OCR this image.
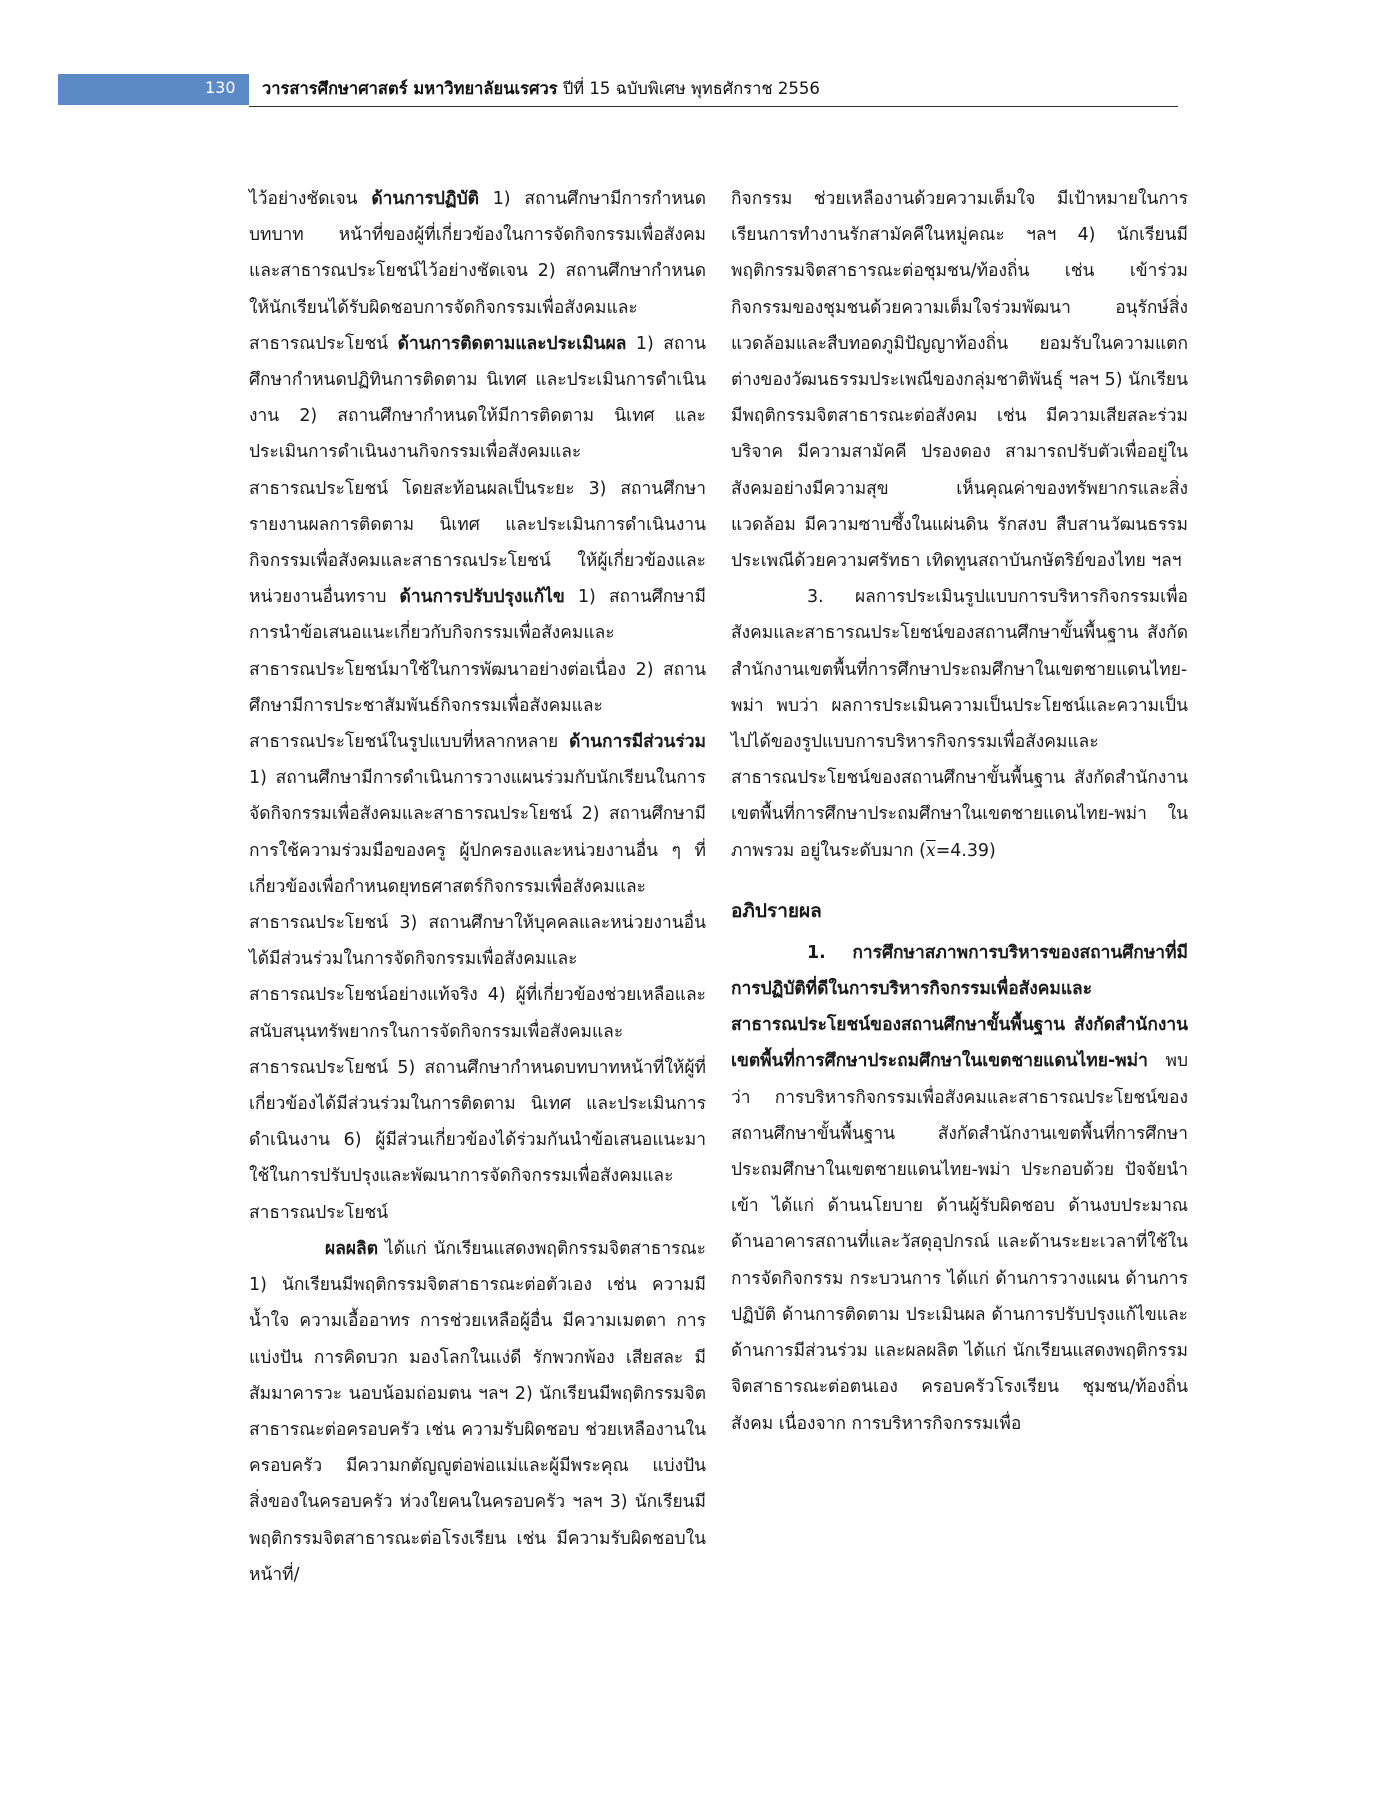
130 วารสารศึกษาศาสตร์ มหาวิทยาลัยนเรศวร ปีที่ 15 ฉบับพิเศษ พุทธศักราช 2556

ไว้อย่างชัดเจน ด้านการปฏิบัติ 1) สถานศึกษามีการกำหนดบทบาท หน้าที่ของผู้ที่เกี่ยวข้องในการจัดกิจกรรมเพื่อสังคมและสาธารณประโยชน์ไว้อย่างชัดเจน 2) สถานศึกษากำหนดให้นักเรียนได้รับผิดชอบการจัดกิจกรรมเพื่อสังคมและสาธารณประโยชน์ ด้านการติดตามและประเมินผล 1) สถานศึกษากำหนดปฏิทินการติดตาม นิเทศ และประเมินการดำเนินงาน 2) สถานศึกษากำหนดให้มีการติดตาม นิเทศ และประเมินการดำเนินงานกิจกรรมเพื่อสังคมและสาธารณประโยชน์ โดยสะท้อนผลเป็นระยะ 3) สถานศึกษารายงานผลการติดตาม นิเทศ และประเมินการดำเนินงานกิจกรรมเพื่อสังคมและสาธารณประโยชน์ ให้ผู้เกี่ยวข้องและหน่วยงานอื่นทราบ ด้านการปรับปรุงแก้ไข 1) สถานศึกษามีการนำข้อเสนอแนะเกี่ยวกับกิจกรรมเพื่อสังคมและสาธารณประโยชน์มาใช้ในการพัฒนาอย่างต่อเนื่อง 2) สถานศึกษามีการประชาสัมพันธ์กิจกรรมเพื่อสังคมและสาธารณประโยชน์ในรูปแบบที่หลากหลาย ด้านการมีส่วนร่วม 1) สถานศึกษามีการดำเนินการวางแผนร่วมกับนักเรียนในการจัดกิจกรรมเพื่อสังคมและสาธารณประโยชน์ 2) สถานศึกษามีการใช้ความร่วมมือของครู ผู้ปกครองและหน่วยงานอื่น ๆ ที่เกี่ยวข้องเพื่อกำหนดยุทธศาสตร์กิจกรรมเพื่อสังคมและสาธารณประโยชน์ 3) สถานศึกษาให้บุคคลและหน่วยงานอื่น ได้มีส่วนร่วมในการจัดกิจกรรมเพื่อสังคมและสาธารณประโยชน์อย่างแท้จริง 4) ผู้ที่เกี่ยวข้องช่วยเหลือและสนับสนุนทรัพยากรในการจัดกิจกรรมเพื่อสังคมและสาธารณประโยชน์ 5) สถานศึกษากำหนดบทบาทหน้าที่ให้ผู้ที่เกี่ยวข้องได้มีส่วนร่วมในการติดตาม นิเทศ และประเมินการดำเนินงาน 6) ผู้มีส่วนเกี่ยวข้องได้ร่วมกันนำข้อเสนอแนะมาใช้ในการปรับปรุงและพัฒนาการจัดกิจกรรมเพื่อสังคมและสาธารณประโยชน์

ผลผลิต ได้แก่ นักเรียนแสดงพฤติกรรมจิตสาธารณะ 1) นักเรียนมีพฤติกรรมจิตสาธารณะต่อตัวเอง เช่น ความมีน้ำใจ ความเอื้ออาทร การช่วยเหลือผู้อื่น มีความเมตตา การแบ่งปัน การคิดบวก มองโลกในแง่ดี รักพวกพ้อง เสียสละ มีสัมมาคารวะ นอบน้อมถ่อมตน ฯลฯ 2) นักเรียนมีพฤติกรรมจิตสาธารณะต่อครอบครัว เช่น ความรับผิดชอบ ช่วยเหลืองานในครอบครัว มีความกตัญญูต่อพ่อแม่และผู้มีพระคุณ แบ่งปันสิ่งของในครอบครัว ห่วงใยคนในครอบครัว ฯลฯ 3) นักเรียนมีพฤติกรรมจิตสาธารณะต่อโรงเรียน เช่น มีความรับผิดชอบในหน้าที่/

กิจกรรม ช่วยเหลืองานด้วยความเต็มใจ มีเป้าหมายในการเรียนการทำงานรักสามัคคีในหมู่คณะ ฯลฯ 4) นักเรียนมีพฤติกรรมจิตสาธารณะต่อชุมชน/ท้องถิ่น เช่น เข้าร่วมกิจกรรมของชุมชนด้วยความเต็มใจร่วมพัฒนา อนุรักษ์สิ่งแวดล้อมและสืบทอดภูมิปัญญาท้องถิ่น ยอมรับในความแตกต่างของวัฒนธรรมประเพณีของกลุ่มชาติพันธุ์ ฯลฯ 5) นักเรียนมีพฤติกรรมจิตสาธารณะต่อสังคม เช่น มีความเสียสละร่วมบริจาค มีความสามัคคี ปรองดอง สามารถปรับตัวเพื่ออยู่ในสังคมอย่างมีความสุข เห็นคุณค่าของทรัพยากรและสิ่งแวดล้อม มีความซาบซึ้งในแผ่นดิน รักสงบ สืบสานวัฒนธรรมประเพณีด้วยความศรัทธา เทิดทูนสถาบันกษัตริย์ของไทย ฯลฯ

3. ผลการประเมินรูปแบบการบริหารกิจกรรมเพื่อสังคมและสาธารณประโยชน์ของสถานศึกษาขั้นพื้นฐาน สังกัดสำนักงานเขตพื้นที่การศึกษาประถมศึกษาในเขตชายแดนไทย-พม่า พบว่า ผลการประเมินความเป็นประโยชน์และความเป็นไปได้ของรูปแบบการบริหารกิจกรรมเพื่อสังคมและสาธารณประโยชน์ของสถานศึกษาขั้นพื้นฐาน สังกัดสำนักงานเขตพื้นที่การศึกษาประถมศึกษาในเขตชายแดนไทย-พม่า ในภาพรวม อยู่ในระดับมาก $(\overline{x}=4.39)$

อภิปรายผล

1. การศึกษาสภาพการบริหารของสถานศึกษาที่มีการปฏิบัติที่ดีในการบริหารกิจกรรมเพื่อสังคมและสาธารณประโยชน์ของสถานศึกษาขั้นพื้นฐาน สังกัดสำนักงานเขตพื้นที่การศึกษาประถมศึกษาในเขตชายแดนไทย-พม่า พบว่า การบริหารกิจกรรมเพื่อสังคมและสาธารณประโยชน์ของสถานศึกษาขั้นพื้นฐาน สังกัดสำนักงานเขตพื้นที่การศึกษาประถมศึกษาในเขตชายแดนไทย-พม่า ประกอบด้วย ปัจจัยนำเข้า ได้แก่ ด้านนโยบาย ด้านผู้รับผิดชอบ ด้านงบประมาณ ด้านอาคารสถานที่และวัสดุอุปกรณ์ และด้านระยะเวลาที่ใช้ในการจัดกิจกรรม กระบวนการ ได้แก่ ด้านการวางแผน ด้านการปฏิบัติ ด้านการติดตาม ประเมินผล ด้านการปรับปรุงแก้ไขและด้านการมีส่วนร่วม และผลผลิต ได้แก่ นักเรียนแสดงพฤติกรรมจิตสาธารณะต่อตนเอง ครอบครัวโรงเรียน ชุมชน/ท้องถิ่น สังคม เนื่องจาก การบริหารกิจกรรมเพื่อ
